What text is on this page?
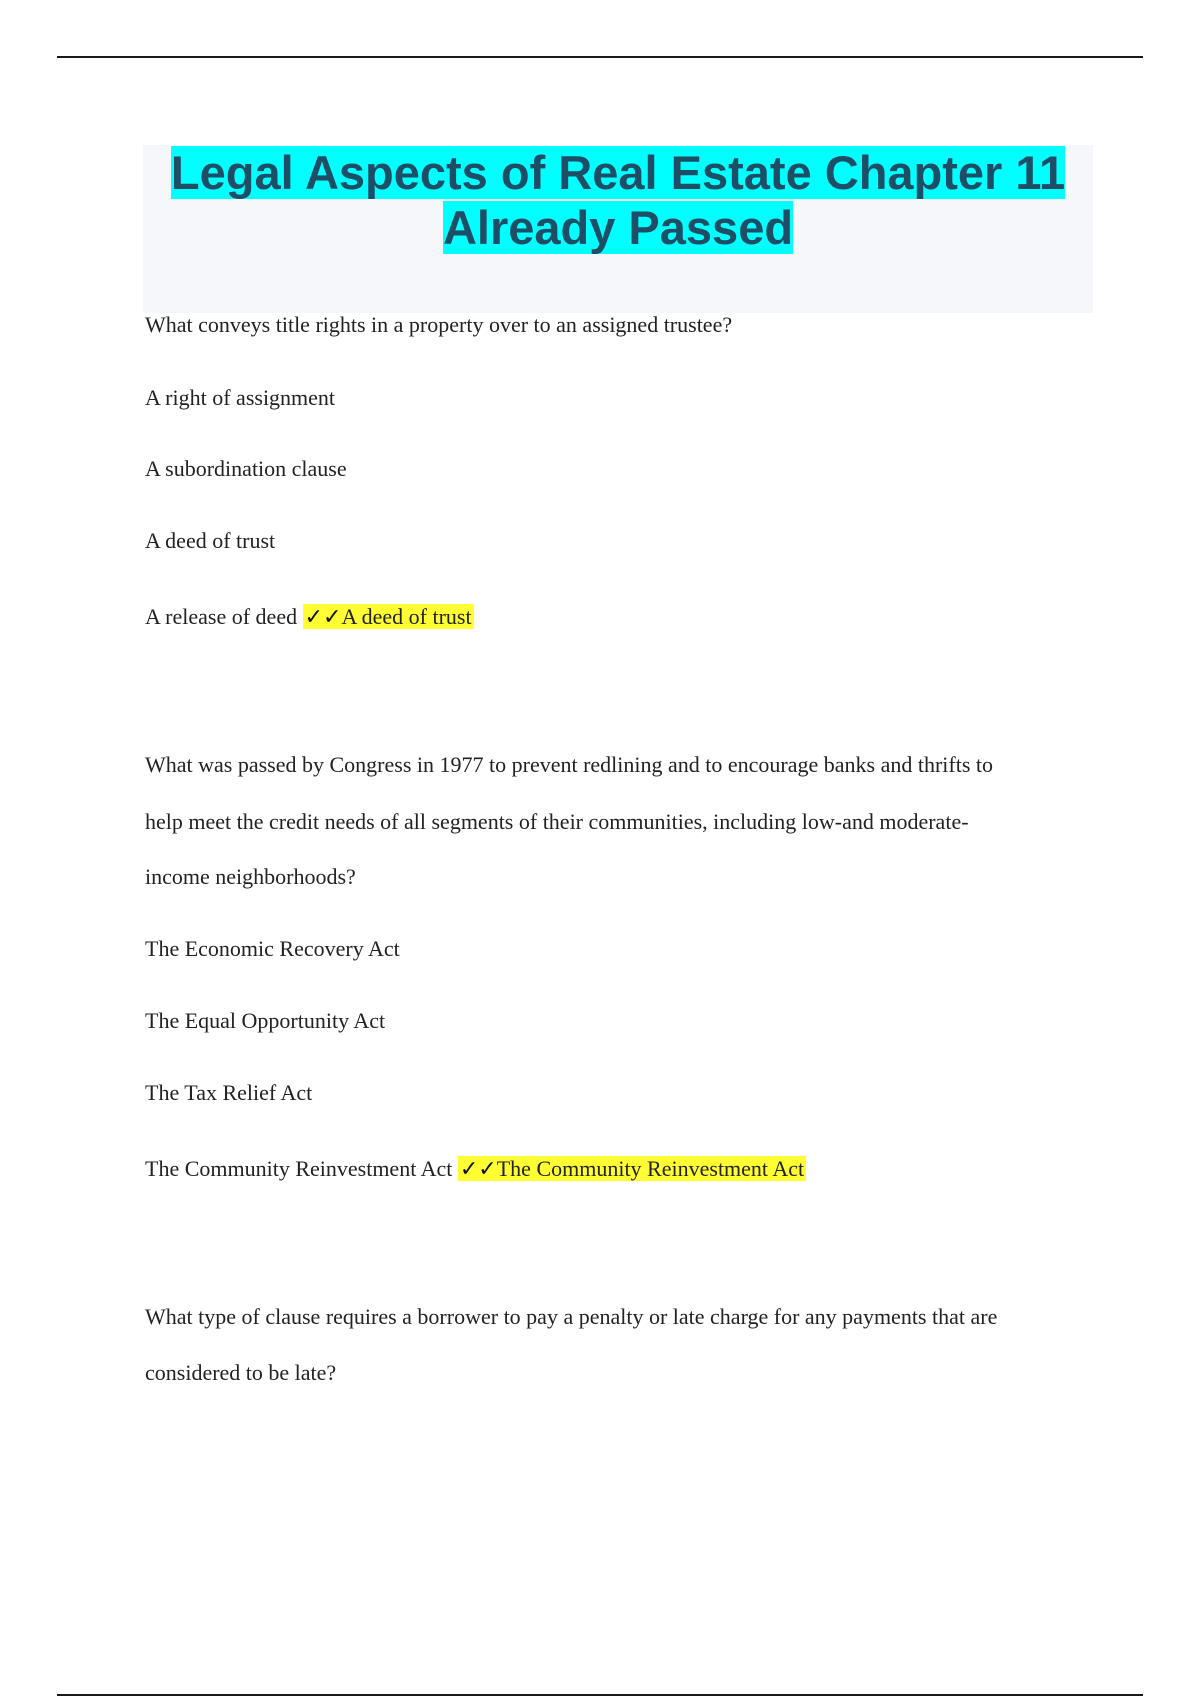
Legal Aspects of Real Estate Chapter 11
Already Passed
What conveys title rights in a property over to an assigned trustee?
A right of assignment
A subordination clause
A deed of trust
A release of deed ✓✓A deed of trust
What was passed by Congress in 1977 to prevent redlining and to encourage banks and thrifts to
help meet the credit needs of all segments of their communities, including low-and moderate-
income neighborhoods?
The Economic Recovery Act
The Equal Opportunity Act
The Tax Relief Act
The Community Reinvestment Act ✓✓The Community Reinvestment Act
What type of clause requires a borrower to pay a penalty or late charge for any payments that are
considered to be late?
